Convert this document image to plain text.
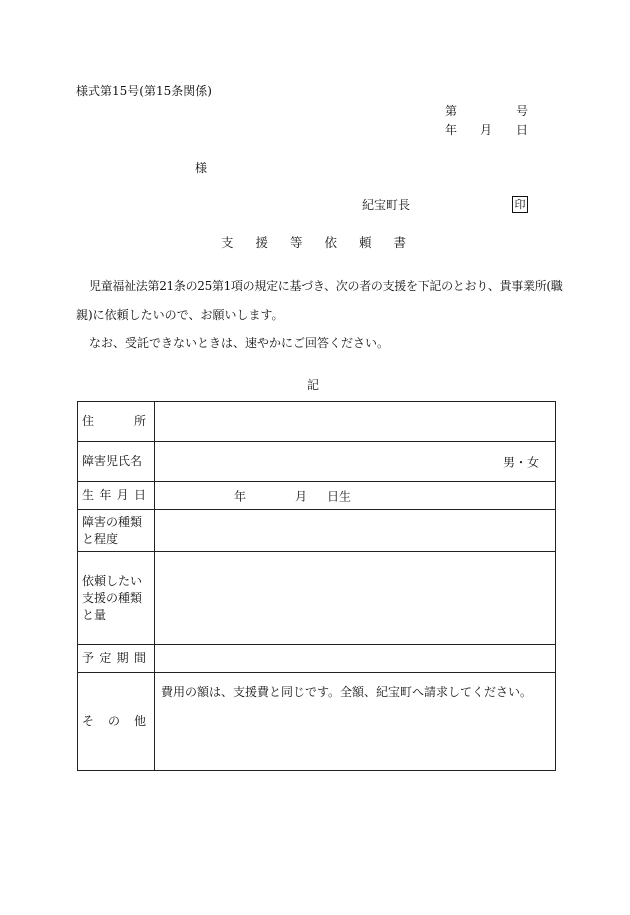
様式第15号(第15条関係)
第	号
年 月 日
様
紀宝町長	印
支援等依頼書
児童福祉法第21条の25第1項の規定に基づき、次の者の支援を下記のとおり、貴事業所(職
親)に依頼したいので、お願いします。
なお、受託できないときは、速やかにご回答ください。
記
住 所	

障害児氏名	男・女

生 年 月 日	年 月 日生

障害の種類
と程度	

依頼したい
支援の種類
と量	

予 定 期 間	

そ の 他	費用の額は、支援費と同じです。全額、紀宝町へ請求してください。
